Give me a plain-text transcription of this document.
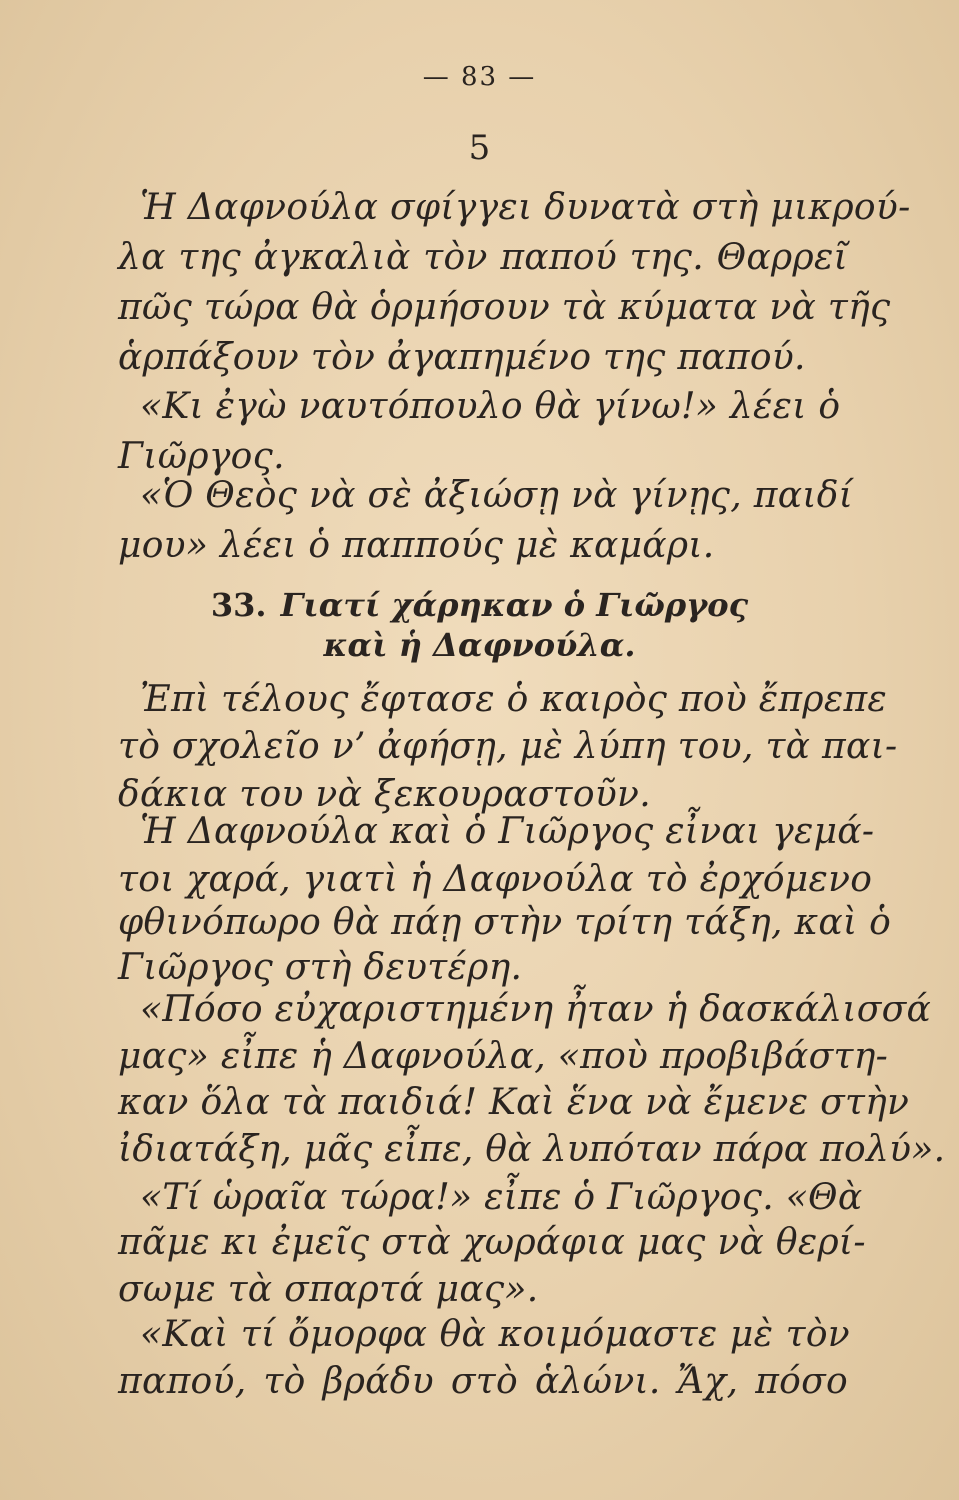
— 83 —
5
Ἡ Δαφνούλα σφίγγει δυνατὰ στὴ μικρού-
λα της ἀγκαλιὰ τὸν παπού της. Θαρρεῖ
πῶς τώρα θὰ ὁρμήσουν τὰ κύματα νὰ τῆς
ἁρπάξουν τὸν ἀγαπημένο της παπού.
«Κι ἐγὼ ναυτόπουλο θὰ γίνω!» λέει ὁ
Γιῶργος.
«Ὁ Θεὸς νὰ σὲ ἀξιώσῃ νὰ γίνῃς, παιδί
μου» λέει ὁ παππούς μὲ καμάρι.
33. Γιατί χάρηκαν ὁ Γιῶργος
καὶ ἡ Δαφνούλα.
Ἐπὶ τέλους ἔφτασε ὁ καιρὸς ποὺ ἔπρεπε
τὸ σχολεῖο ν’ ἀφήσῃ, μὲ λύπη του, τὰ παι-
δάκια του νὰ ξεκουραστοῦν.
Ἡ Δαφνούλα καὶ ὁ Γιῶργος εἶναι γεμά-
τοι χαρά, γιατὶ ἡ Δαφνούλα τὸ ἐρχόμενο
φθινόπωρο θὰ πάῃ στὴν τρίτη τάξη, καὶ ὁ
Γιῶργος στὴ δευτέρη.
«Πόσο εὐχαριστημένη ἦταν ἡ δασκάλισσά
μας» εἶπε ἡ Δαφνούλα, «ποὺ προβιβάστη-
καν ὅλα τὰ παιδιά! Καὶ ἕνα νὰ ἔμενε στὴν
ἰδιατάξη, μᾶς εἶπε, θὰ λυπόταν πάρα πολύ».
«Τί ὡραῖα τώρα!» εἶπε ὁ Γιῶργος. «Θὰ
πᾶμε κι ἐμεῖς στὰ χωράφια μας νὰ θερί-
σωμε τὰ σπαρτά μας».
«Καὶ τί ὄμορφα θὰ κοιμόμαστε μὲ τὸν
παπού, τὸ βράδυ στὸ ἁλώνι. Ἄχ, πόσο
